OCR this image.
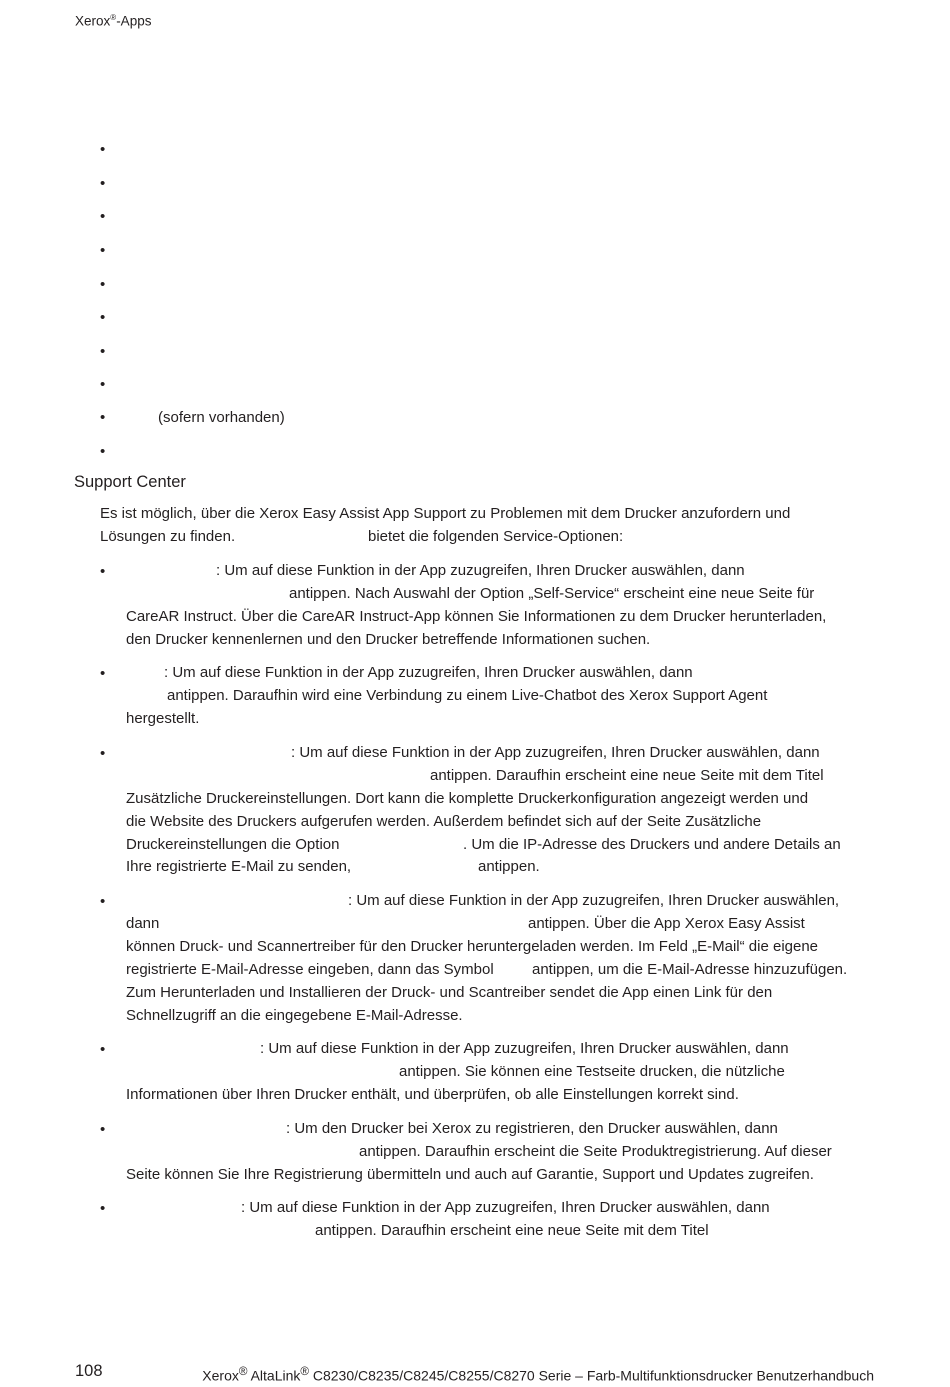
Xerox®-Apps
•
•
•
•
•
•
•
•
•	(sofern vorhanden)
•
Support Center
Es ist möglich, über die Xerox Easy Assist App Support zu Problemen mit dem Drucker anzufordern und
Lösungen zu finden.	bietet die folgenden Service-Optionen:
•	: Um auf diese Funktion in der App zuzugreifen, Ihren Drucker auswählen, dann
antippen. Nach Auswahl der Option „Self-Service“ erscheint eine neue Seite für
CareAR Instruct. Über die CareAR Instruct-App können Sie Informationen zu dem Drucker herunterladen,
den Drucker kennenlernen und den Drucker betreffende Informationen suchen.
•	: Um auf diese Funktion in der App zuzugreifen, Ihren Drucker auswählen, dann
antippen. Daraufhin wird eine Verbindung zu einem Live-Chatbot des Xerox Support Agent
hergestellt.
•	: Um auf diese Funktion in der App zuzugreifen, Ihren Drucker auswählen, dann
antippen. Daraufhin erscheint eine neue Seite mit dem Titel
Zusätzliche Druckereinstellungen. Dort kann die komplette Druckerkonfiguration angezeigt werden und
die Website des Druckers aufgerufen werden. Außerdem befindet sich auf der Seite Zusätzliche
Druckereinstellungen die Option	. Um die IP-Adresse des Druckers und andere Details an
Ihre registrierte E-Mail zu senden,	antippen.
•	: Um auf diese Funktion in der App zuzugreifen, Ihren Drucker auswählen,
dann	antippen. Über die App Xerox Easy Assist
können Druck- und Scannertreiber für den Drucker heruntergeladen werden. Im Feld „E-Mail“ die eigene
registrierte E-Mail-Adresse eingeben, dann das Symbol	antippen, um die E-Mail-Adresse hinzuzufügen.
Zum Herunterladen und Installieren der Druck- und Scantreiber sendet die App einen Link für den
Schnellzugriff an die eingegebene E-Mail-Adresse.
•	: Um auf diese Funktion in der App zuzugreifen, Ihren Drucker auswählen, dann
antippen. Sie können eine Testseite drucken, die nützliche
Informationen über Ihren Drucker enthält, und überprüfen, ob alle Einstellungen korrekt sind.
•	: Um den Drucker bei Xerox zu registrieren, den Drucker auswählen, dann
antippen. Daraufhin erscheint die Seite Produktregistrierung. Auf dieser
Seite können Sie Ihre Registrierung übermitteln und auch auf Garantie, Support und Updates zugreifen.
•	: Um auf diese Funktion in der App zuzugreifen, Ihren Drucker auswählen, dann
antippen. Daraufhin erscheint eine neue Seite mit dem Titel
108	Xerox® AltaLink® C8230/C8235/C8245/C8255/C8270 Serie – Farb-Multifunktionsdrucker Benutzerhandbuch
